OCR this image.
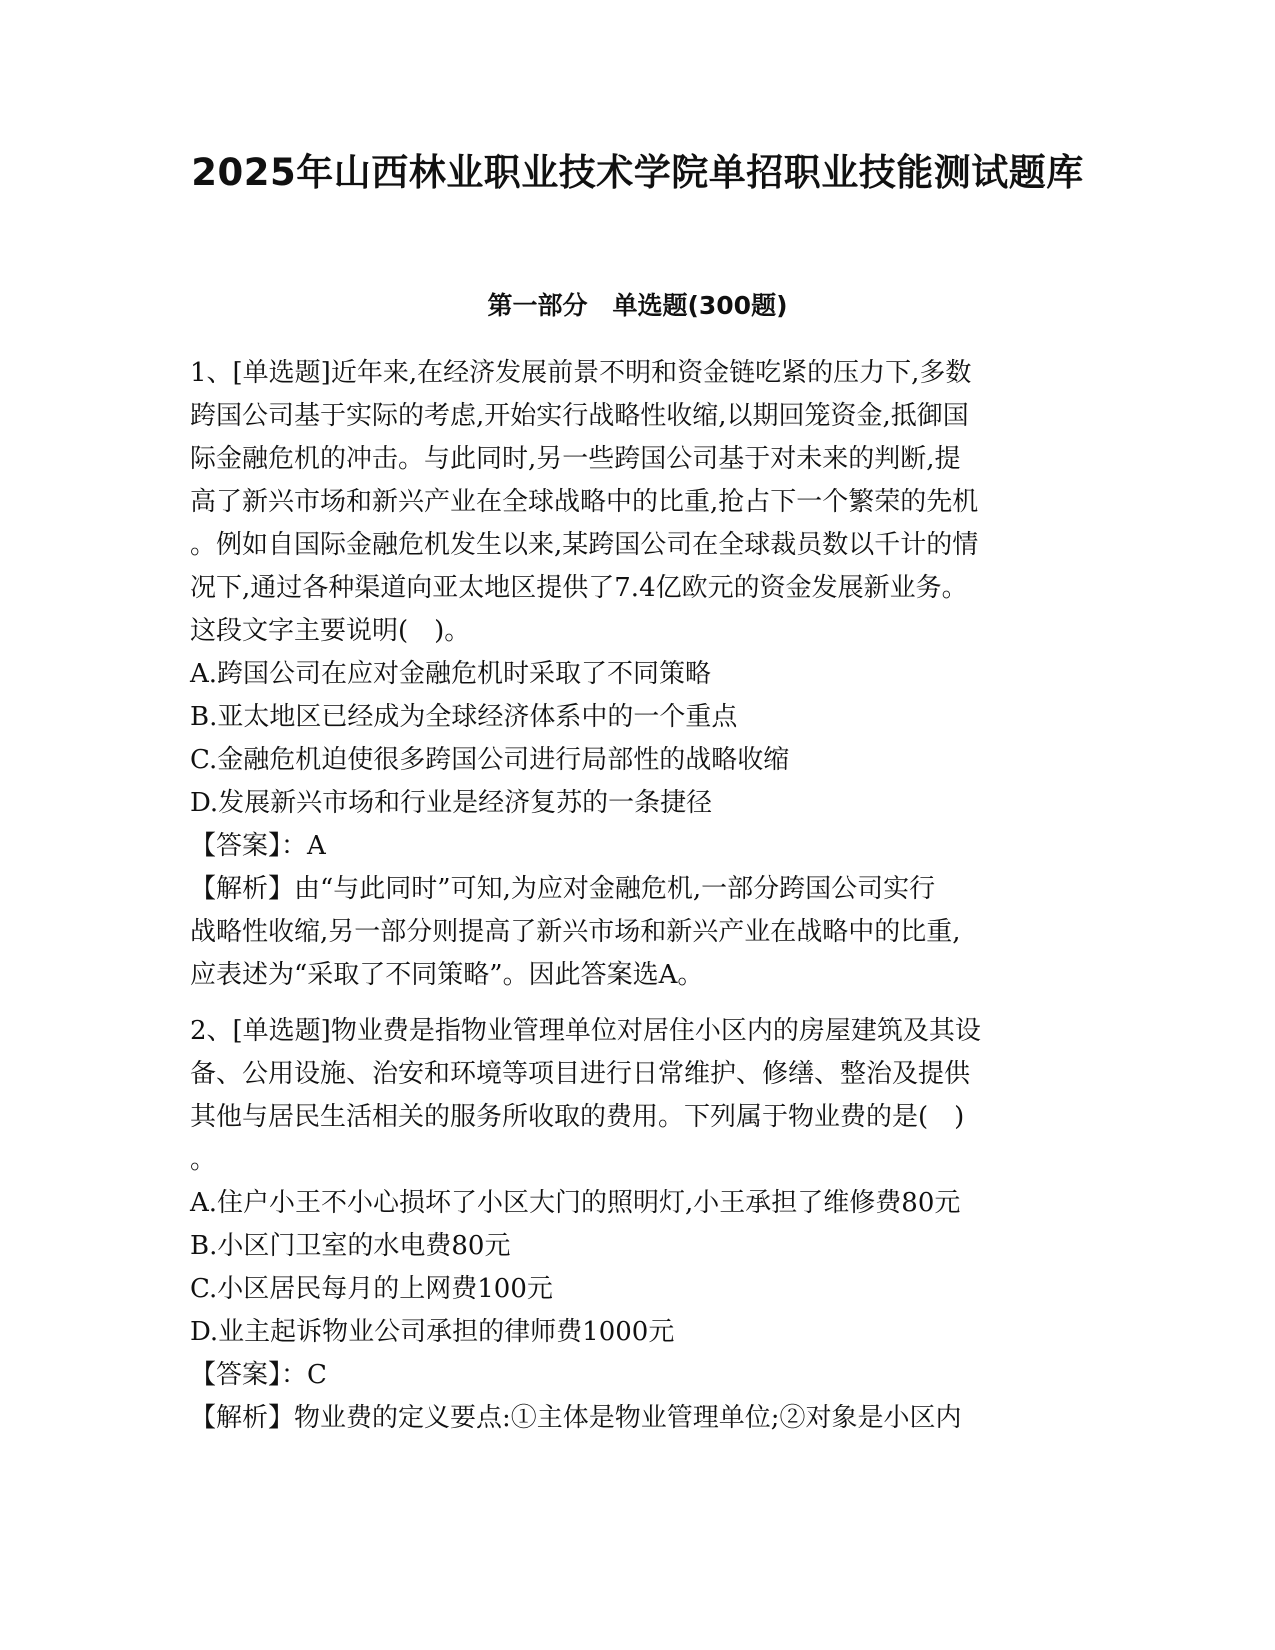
2025年山西林业职业技术学院单招职业技能测试题库
第一部分　单选题(300题)
1、[单选题]近年来,在经济发展前景不明和资金链吃紧的压力下,多数
跨国公司基于实际的考虑,开始实行战略性收缩,以期回笼资金,抵御国
际金融危机的冲击。与此同时,另一些跨国公司基于对未来的判断,提
高了新兴市场和新兴产业在全球战略中的比重,抢占下一个繁荣的先机
。例如自国际金融危机发生以来,某跨国公司在全球裁员数以千计的情
况下,通过各种渠道向亚太地区提供了7.4亿欧元的资金发展新业务。
这段文字主要说明(　)。
A.跨国公司在应对金融危机时采取了不同策略
B.亚太地区已经成为全球经济体系中的一个重点
C.金融危机迫使很多跨国公司进行局部性的战略收缩
D.发展新兴市场和行业是经济复苏的一条捷径
【答案】：A
【解析】由“与此同时”可知,为应对金融危机,一部分跨国公司实行
战略性收缩,另一部分则提高了新兴市场和新兴产业在战略中的比重,
应表述为“采取了不同策略”。因此答案选A。
2、[单选题]物业费是指物业管理单位对居住小区内的房屋建筑及其设
备、公用设施、治安和环境等项目进行日常维护、修缮、整治及提供
其他与居民生活相关的服务所收取的费用。下列属于物业费的是(　)
。
A.住户小王不小心损坏了小区大门的照明灯,小王承担了维修费80元
B.小区门卫室的水电费80元
C.小区居民每月的上网费100元
D.业主起诉物业公司承担的律师费1000元
【答案】：C
【解析】物业费的定义要点:①主体是物业管理单位;②对象是小区内
